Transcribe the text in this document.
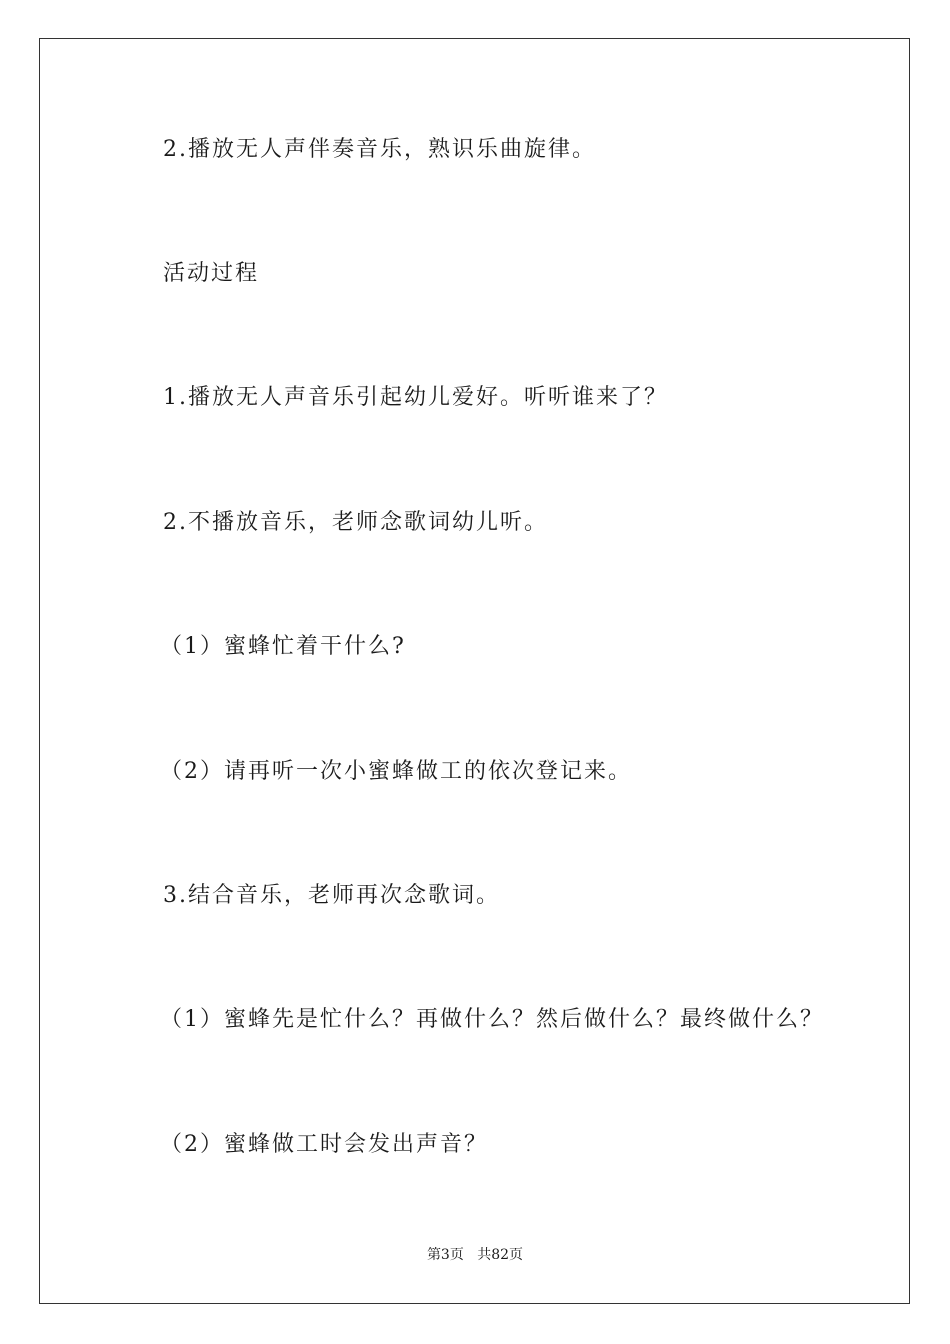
2.播放无人声伴奏音乐，熟识乐曲旋律。
活动过程
1.播放无人声音乐引起幼儿爱好。听听谁来了？
2.不播放音乐，老师念歌词幼儿听。
（1）蜜蜂忙着干什么?
（2）请再听一次小蜜蜂做工的依次登记来。
3.结合音乐，老师再次念歌词。
（1）蜜蜂先是忙什么？再做什么？然后做什么？最终做什么？
（2）蜜蜂做工时会发出声音？
第3页 共82页
